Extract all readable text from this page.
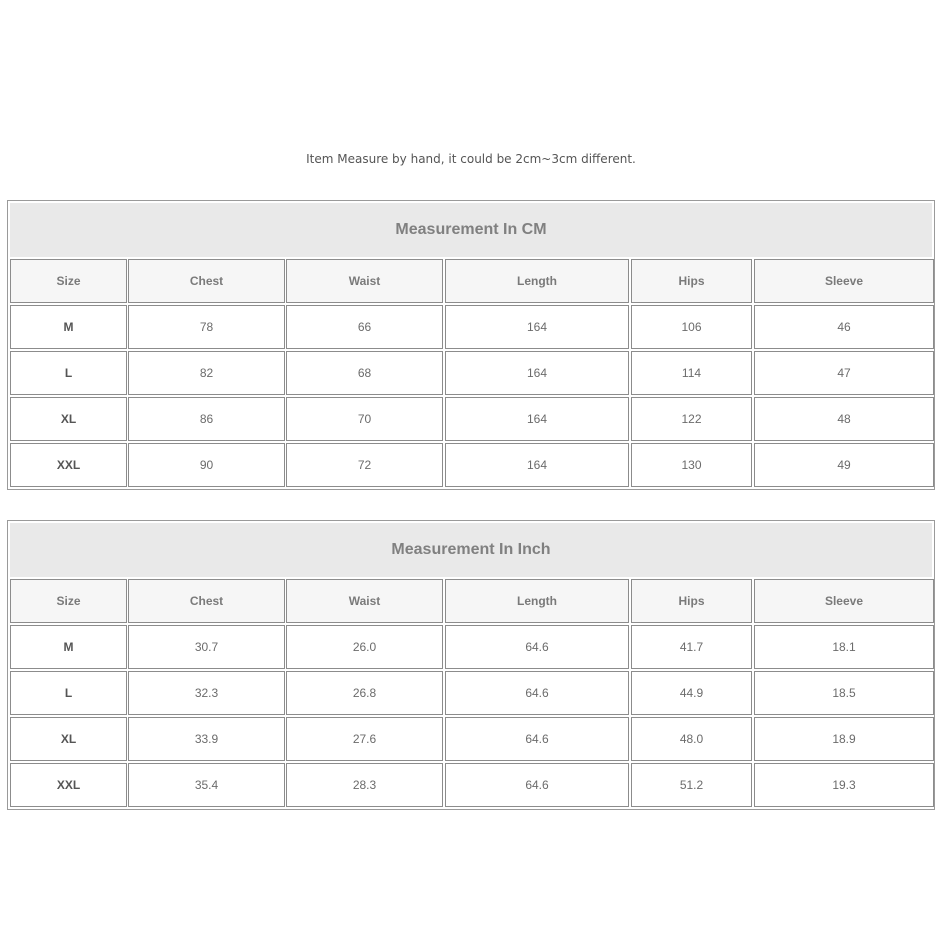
Item Measure by hand, it could be 2cm~3cm different.
Measurement In CM
Size	Chest	Waist	Length	Hips	Sleeve
M	78	66	164	106	46
L	82	68	164	114	47
XL	86	70	164	122	48
XXL	90	72	164	130	49
Measurement In Inch
Size	Chest	Waist	Length	Hips	Sleeve
M	30.7	26.0	64.6	41.7	18.1
L	32.3	26.8	64.6	44.9	18.5
XL	33.9	27.6	64.6	48.0	18.9
XXL	35.4	28.3	64.6	51.2	19.3
